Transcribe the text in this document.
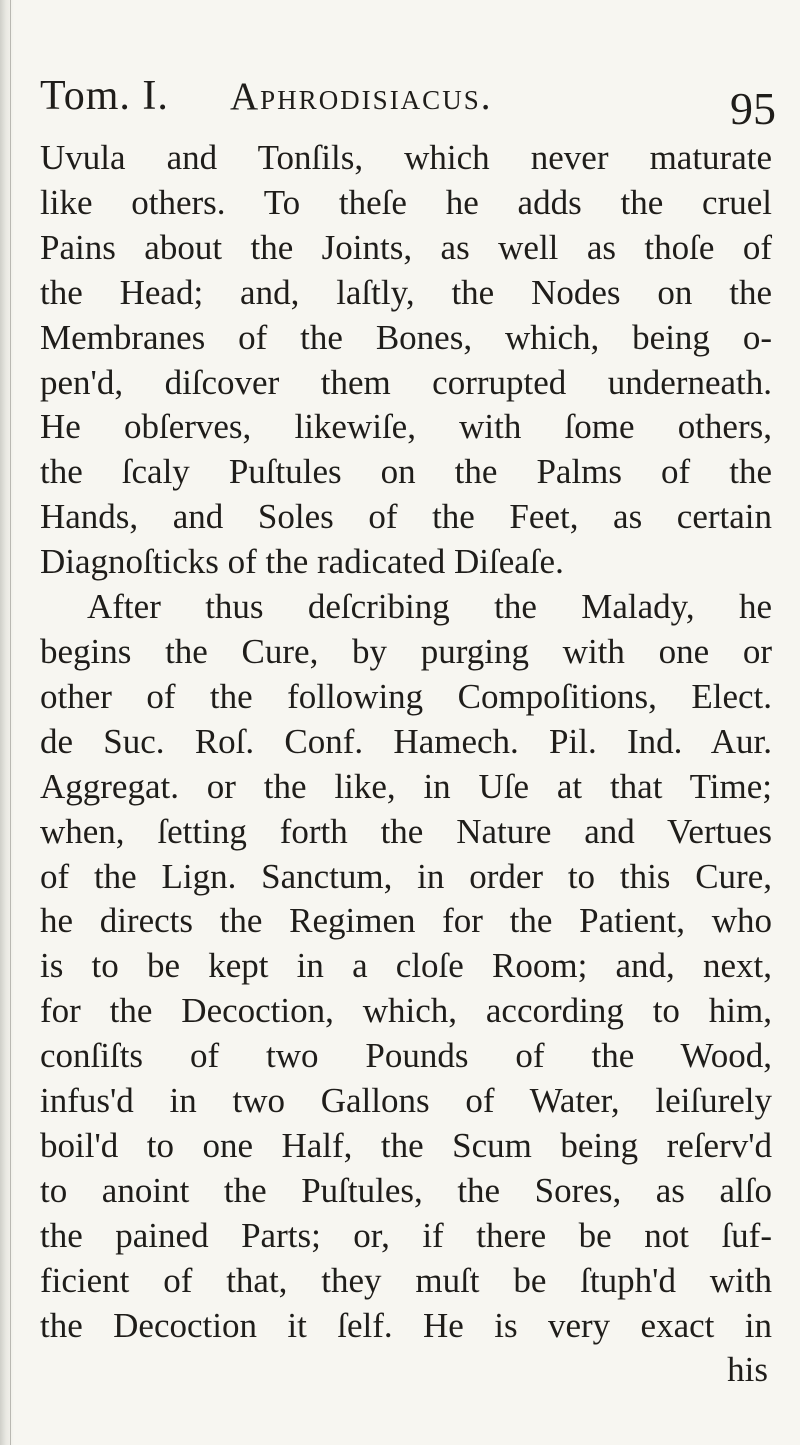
Tom. I. Aphrodisiacus.	95
Uvula and Tonſils, which never maturate
like others. To theſe he adds the cruel
Pains about the Joints, as well as thoſe of
the Head; and, laſtly, the Nodes on the
Membranes of the Bones, which, being o-
pen'd, diſcover them corrupted underneath.
He obſerves, likewiſe, with ſome others,
the ſcaly Puſtules on the Palms of the
Hands, and Soles of the Feet, as certain
Diagnoſticks of the radicated Diſeaſe.
After thus deſcribing the Malady, he
begins the Cure, by purging with one or
other of the following Compoſitions, Elect.
de Suc. Roſ. Conf. Hamech. Pil. Ind. Aur.
Aggregat. or the like, in Uſe at that Time;
when, ſetting forth the Nature and Vertues
of the Lign. Sanctum, in order to this Cure,
he directs the Regimen for the Patient, who
is to be kept in a cloſe Room; and, next,
for the Decoction, which, according to him,
conſiſts of two Pounds of the Wood,
infus'd in two Gallons of Water, leiſurely
boil'd to one Half, the Scum being reſerv'd
to anoint the Puſtules, the Sores, as alſo
the pained Parts; or, if there be not ſuf-
ficient of that, they muſt be ſtuph'd with
the Decoction it ſelf. He is very exact in
his
